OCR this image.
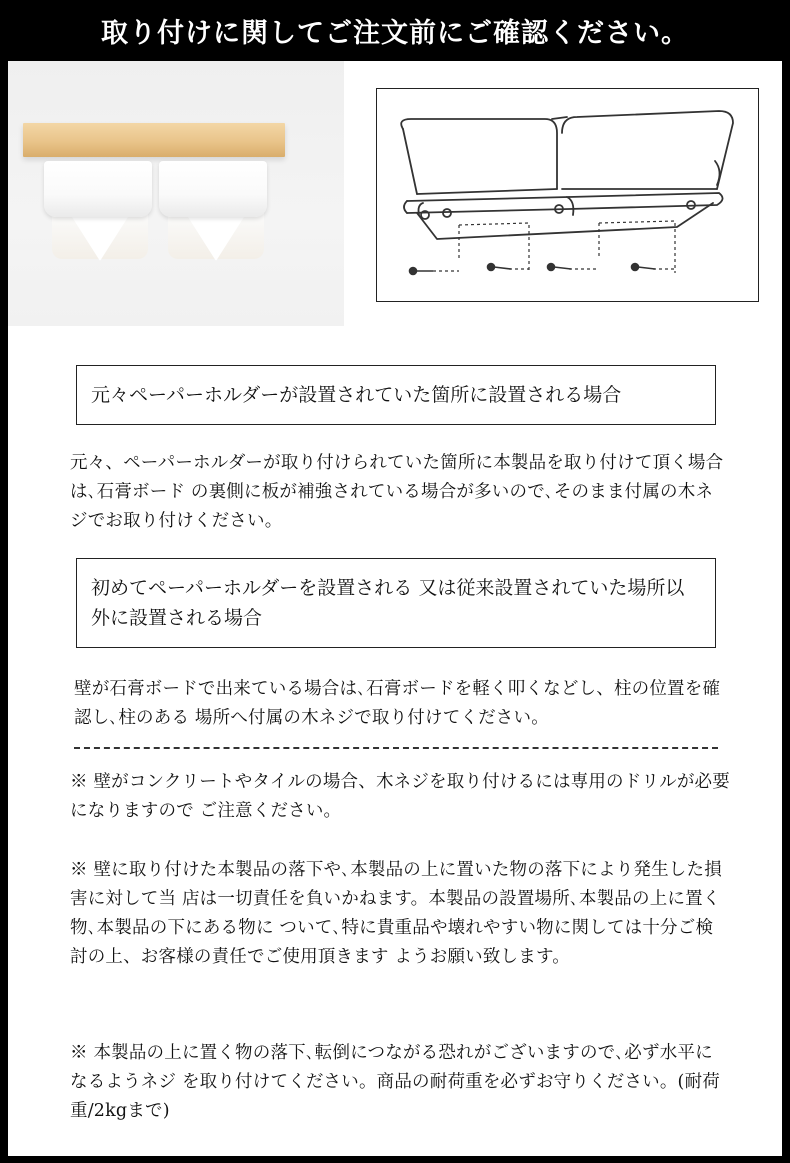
取り付けに関してご注文前にご確認ください。
元々ペーパーホルダーが設置されていた箇所に設置される場合
元々、ペーパーホルダーが取り付けられていた箇所に本製品を取り付けて頂く場合は､石膏ボード の裏側に板が補強されている場合が多いので､そのまま付属の木ネジでお取り付けください。
初めてペーパーホルダーを設置される 又は従来設置されていた場所以外に設置される場合
壁が石膏ボードで出来ている場合は､石膏ボードを軽く叩くなどし、柱の位置を確認し､柱のある 場所へ付属の木ネジで取り付けてください。
※ 壁がコンクリートやタイルの場合、木ネジを取り付けるには専用のドリルが必要になりますので ご注意ください。
※ 壁に取り付けた本製品の落下や､本製品の上に置いた物の落下により発生した損害に対して当 店は一切責任を負いかねます。本製品の設置場所､本製品の上に置く物､本製品の下にある物に ついて､特に貴重品や壊れやすい物に関しては十分ご検討の上、お客様の責任でご使用頂きます ようお願い致します。
※ 本製品の上に置く物の落下､転倒につながる恐れがございますので､必ず水平になるようネジ を取り付けてください。商品の耐荷重を必ずお守りください。(耐荷重/2kgまで)
